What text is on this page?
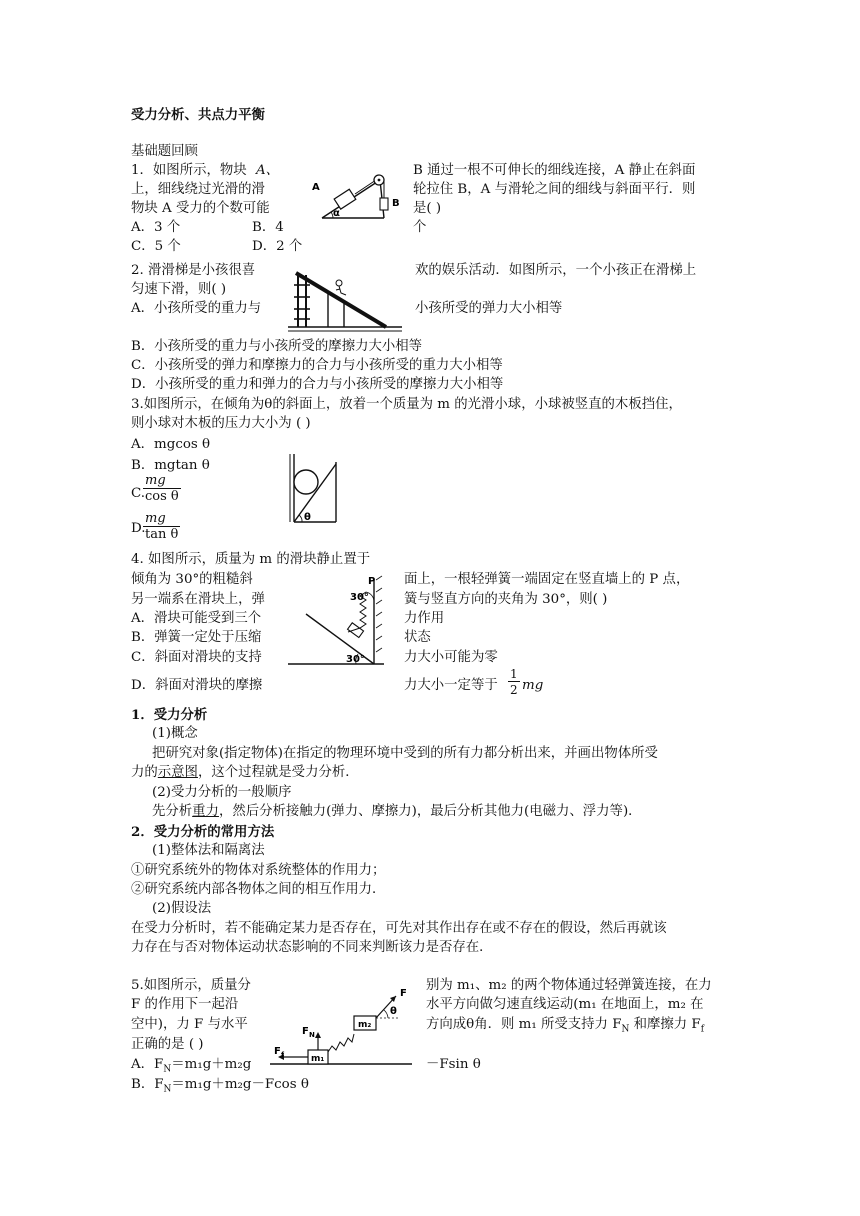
受力分析、共点力平衡
基础题回顾
1．如图所示，物块 A、	B 通过一根不可伸长的细线连接，A 静止在斜面
上，细线绕过光滑的滑	轮拉住 B，A 与滑轮之间的细线与斜面平行．则
物块 A 受力的个数可能	是( )
A．3 个	B．4	个
C．5 个	D．2 个
A
B
α
2. 滑滑梯是小孩很喜	欢的娱乐活动．如图所示，一个小孩正在滑梯上
匀速下滑，则( )
A．小孩所受的重力与	小孩所受的弹力大小相等
B．小孩所受的重力与小孩所受的摩擦力大小相等
C．小孩所受的弹力和摩擦力的合力与小孩所受的重力大小相等
D．小孩所受的重力和弹力的合力与小孩所受的摩擦力大小相等
3.如图所示，在倾角为θ的斜面上，放着一个质量为 m 的光滑小球，小球被竖直的木板挡住，
则小球对木板的压力大小为 ( )
A．mgcos θ
B．mgtan θ
C.
$\frac{mg}{\text{cos θ}}$
D.
$\frac{mg}{\text{tan θ}}$	θ
4. 如图所示，质量为 m 的滑块静止置于
倾角为 30°的粗糙斜	面上，一根轻弹簧一端固定在竖直墙上的 P 点，
另一端系在滑块上，弹	簧与竖直方向的夹角为 30°，则( )
A．滑块可能受到三个	力作用
B．弹簧一定处于压缩	状态
C．斜面对滑块的支持	力大小可能为零
D．斜面对滑块的摩擦	力大小一定等于 $\frac{1}{2}$ mg
P
30°
30°
1．受力分析
(1)概念
把研究对象(指定物体)在指定的物理环境中受到的所有力都分析出来，并画出物体所受
力的示意图，这个过程就是受力分析．
(2)受力分析的一般顺序
先分析重力，然后分析接触力(弹力、摩擦力)，最后分析其他力(电磁力、浮力等)．
2．受力分析的常用方法
(1)整体法和隔离法
①研究系统外的物体对系统整体的作用力；
②研究系统内部各物体之间的相互作用力．
(2)假设法
在受力分析时，若不能确定某力是否存在，可先对其作出存在或不存在的假设，然后再就该
力存在与否对物体运动状态影响的不同来判断该力是否存在．
5.如图所示，质量分	别为 m₁、m₂ 的两个物体通过轻弹簧连接，在力
F 的作用下一起沿	水平方向做匀速直线运动(m₁ 在地面上，m₂ 在
空中)，力 F 与水平	方向成θ角．则 m₁ 所受支持力 $F_N$ 和摩擦力 $F_f$
正确的是 ( )
A．$F_N=m_1g+m_2g$	－Fsin θ
B．$F_N=m_1g+m_2g-Fcos$ θ
F
θ
m₂
F N
F f	m₁
